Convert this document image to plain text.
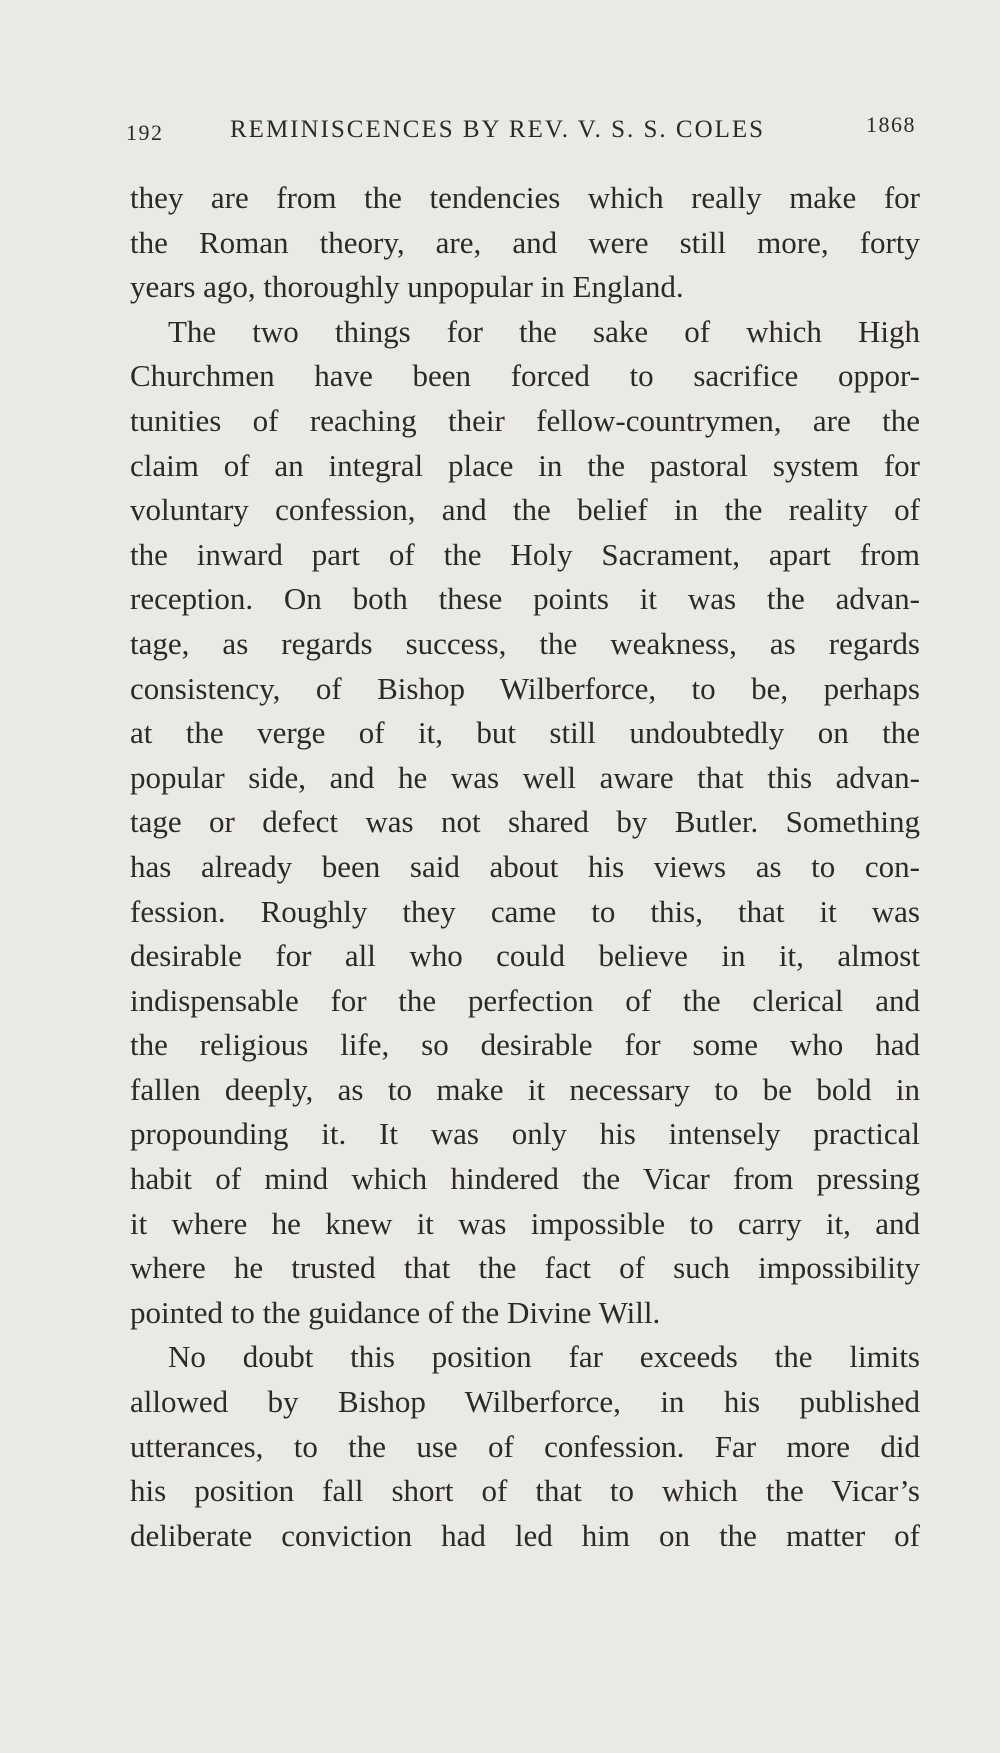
192	REMINISCENCES BY REV. V. S. S. COLES	1868
they are from the tendencies which really make for
the Roman theory, are, and were still more, forty
years ago, thoroughly unpopular in England.
The two things for the sake of which High
Churchmen have been forced to sacrifice oppor-
tunities of reaching their fellow-countrymen, are the
claim of an integral place in the pastoral system for
voluntary confession, and the belief in the reality of
the inward part of the Holy Sacrament, apart from
reception. On both these points it was the advan-
tage, as regards success, the weakness, as regards
consistency, of Bishop Wilberforce, to be, perhaps
at the verge of it, but still undoubtedly on the
popular side, and he was well aware that this advan-
tage or defect was not shared by Butler. Something
has already been said about his views as to con-
fession. Roughly they came to this, that it was
desirable for all who could believe in it, almost
indispensable for the perfection of the clerical and
the religious life, so desirable for some who had
fallen deeply, as to make it necessary to be bold in
propounding it. It was only his intensely practical
habit of mind which hindered the Vicar from pressing
it where he knew it was impossible to carry it, and
where he trusted that the fact of such impossibility
pointed to the guidance of the Divine Will.
No doubt this position far exceeds the limits
allowed by Bishop Wilberforce, in his published
utterances, to the use of confession. Far more did
his position fall short of that to which the Vicar’s
deliberate conviction had led him on the matter of
